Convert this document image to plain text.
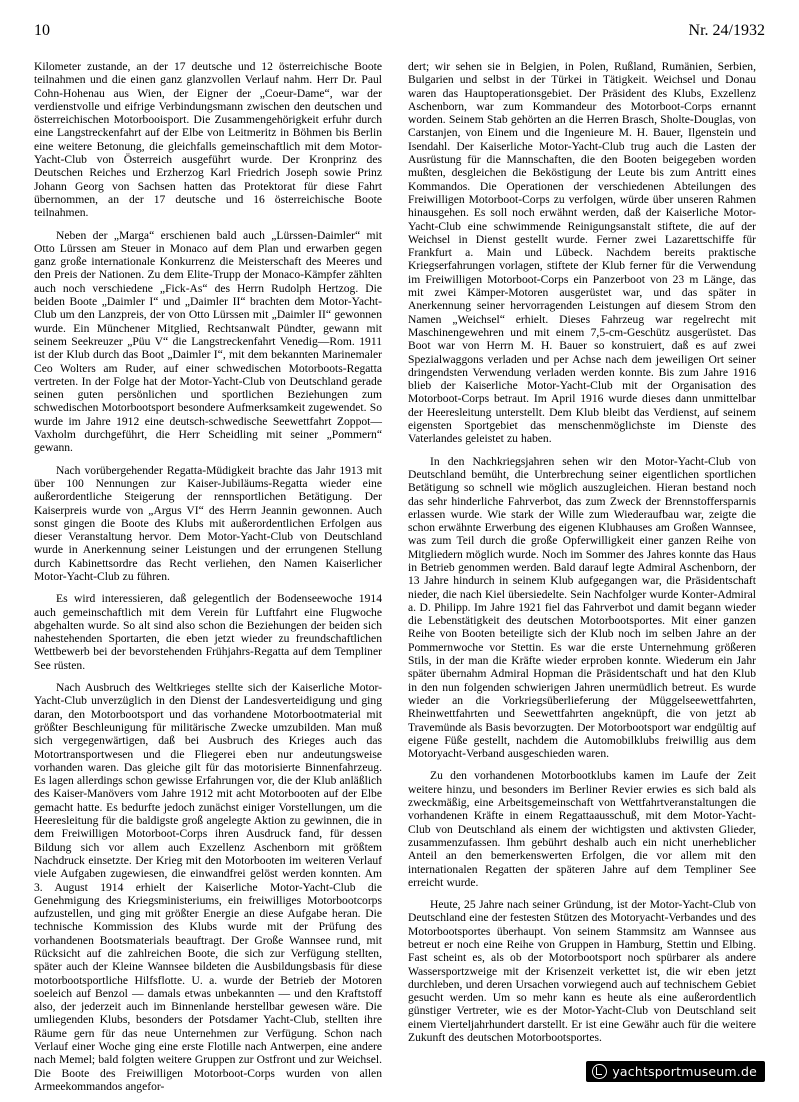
10	Nr. 24/1932

Kilometer zustande, an der 17 deutsche und 12 österreichische Boote teilnahmen und die einen ganz glanzvollen Verlauf nahm. Herr Dr. Paul Cohn-Hohenau aus Wien, der Eigner der „Coeur-Dame“, war der verdienstvolle und eifrige Verbindungsmann zwischen den deutschen und österreichischen Motorbooisport. Die Zusammengehörigkeit erfuhr durch eine Langstreckenfahrt auf der Elbe von Leitmeritz in Böhmen bis Berlin eine weitere Betonung, die gleichfalls gemeinschaftlich mit dem Motor-Yacht-Club von Österreich ausgeführt wurde. Der Kronprinz des Deutschen Reiches und Erzherzog Karl Friedrich Joseph sowie Prinz Johann Georg von Sachsen hatten das Protektorat für diese Fahrt übernommen, an der 17 deutsche und 16 österreichische Boote teilnahmen.

Neben der „Marga“ erschienen bald auch „Lürssen-Daimler“ mit Otto Lürssen am Steuer in Monaco auf dem Plan und erwarben gegen ganz große internationale Konkurrenz die Meisterschaft des Meeres und den Preis der Nationen. Zu dem Elite-Trupp der Monaco-Kämpfer zählten auch noch verschiedene „Fick-As“ des Herrn Rudolph Hertzog. Die beiden Boote „Daimler I“ und „Daimler II“ brachten dem Motor-Yacht-Club um den Lanzpreis, der von Otto Lürssen mit „Daimler II“ gewonnen wurde. Ein Münchener Mitglied, Rechtsanwalt Pündter, gewann mit seinem Seekreuzer „Püu V“ die Langstreckenfahrt Venedig—Rom. 1911 ist der Klub durch das Boot „Daimler I“, mit dem bekannten Marinemaler Ceo Wolters am Ruder, auf einer schwedischen Motorboots-Regatta vertreten. In der Folge hat der Motor-Yacht-Club von Deutschland gerade seinen guten persönlichen und sportlichen Beziehungen zum schwedischen Motorbootsport besondere Aufmerksamkeit zugewendet. So wurde im Jahre 1912 eine deutsch-schwedische Seewettfahrt Zoppot—Vaxholm durchgeführt, die Herr Scheidling mit seiner „Pommern“ gewann.

Nach vorübergehender Regatta-Müdigkeit brachte das Jahr 1913 mit über 100 Nennungen zur Kaiser-Jubiläums-Regatta wieder eine außerordentliche Steigerung der rennsportlichen Betätigung. Der Kaiserpreis wurde von „Argus VI“ des Herrn Jeannin gewonnen. Auch sonst gingen die Boote des Klubs mit außerordentlichen Erfolgen aus dieser Veranstaltung hervor. Dem Motor-Yacht-Club von Deutschland wurde in Anerkennung seiner Leistungen und der errungenen Stellung durch Kabinettsordre das Recht verliehen, den Namen Kaiserlicher Motor-Yacht-Club zu führen.

Es wird interessieren, daß gelegentlich der Bodenseewoche 1914 auch gemeinschaftlich mit dem Verein für Luftfahrt eine Flugwoche abgehalten wurde. So alt sind also schon die Beziehungen der beiden sich nahestehenden Sportarten, die eben jetzt wieder zu freundschaftlichen Wettbewerb bei der bevorstehenden Frühjahrs-Regatta auf dem Templiner See rüsten.

Nach Ausbruch des Weltkrieges stellte sich der Kaiserliche Motor-Yacht-Club unverzüglich in den Dienst der Landesverteidigung und ging daran, den Motorbootsport und das vorhandene Motorbootmaterial mit größter Beschleunigung für militärische Zwecke umzubilden. Man muß sich vergegenwärtigen, daß bei Ausbruch des Krieges auch das Motortransportwesen und die Fliegerei eben nur andeutungsweise vorhanden waren. Das gleiche gilt für das motorisierte Binnenfahrzeug. Es lagen allerdings schon gewisse Erfahrungen vor, die der Klub anläßlich des Kaiser-Manövers vom Jahre 1912 mit acht Motorbooten auf der Elbe gemacht hatte. Es bedurfte jedoch zunächst einiger Vorstellungen, um die Heeresleitung für die baldigste groß angelegte Aktion zu gewinnen, die in dem Freiwilligen Motorboot-Corps ihren Ausdruck fand, für dessen Bildung sich vor allem auch Exzellenz Aschenborn mit größtem Nachdruck einsetzte. Der Krieg mit den Motorbooten im weiteren Verlauf viele Aufgaben zugewiesen, die einwandfrei gelöst werden konnten. Am 3. August 1914 erhielt der Kaiserliche Motor-Yacht-Club die Genehmigung des Kriegsministeriums, ein freiwilliges Motorbootcorps aufzustellen, und ging mit größter Energie an diese Aufgabe heran. Die technische Kommission des Klubs wurde mit der Prüfung des vorhandenen Bootsmaterials beauftragt. Der Große Wannsee rund, mit Rücksicht auf die zahlreichen Boote, die sich zur Verfügung stellten, später auch der Kleine Wannsee bildeten die Ausbildungsbasis für diese motorbootsportliche Hilfsflotte. U. a. wurde der Betrieb der Motoren soeleich auf Benzol — damals etwas unbekannten — und den Kraftstoff also, der jederzeit auch im Binnenlande herstellbar gewesen wäre. Die umliegenden Klubs, besonders der Potsdamer Yacht-Club, stellten ihre Räume gern für das neue Unternehmen zur Verfügung. Schon nach Verlauf einer Woche ging eine erste Flotille nach Antwerpen, eine andere nach Memel; bald folgten weitere Gruppen zur Ostfront und zur Weichsel. Die Boote des Freiwilligen Motorboot-Corps wurden von allen Armeekommandos angefor-

dert; wir sehen sie in Belgien, in Polen, Rußland, Rumänien, Serbien, Bulgarien und selbst in der Türkei in Tätigkeit. Weichsel und Donau waren das Hauptoperationsgebiet. Der Präsident des Klubs, Exzellenz Aschenborn, war zum Kommandeur des Motorboot-Corps ernannt worden. Seinem Stab gehörten an die Herren Brasch, Sholte-Douglas, von Carstanjen, von Einem und die Ingenieure M. H. Bauer, Ilgenstein und Isendahl. Der Kaiserliche Motor-Yacht-Club trug auch die Lasten der Ausrüstung für die Mannschaften, die den Booten beigegeben worden mußten, desgleichen die Beköstigung der Leute bis zum Antritt eines Kommandos. Die Operationen der verschiedenen Abteilungen des Freiwilligen Motorboot-Corps zu verfolgen, würde über unseren Rahmen hinausgehen. Es soll noch erwähnt werden, daß der Kaiserliche Motor-Yacht-Club eine schwimmende Reinigungsanstalt stiftete, die auf der Weichsel in Dienst gestellt wurde. Ferner zwei Lazarettschiffe für Frankfurt a. Main und Lübeck. Nachdem bereits praktische Kriegserfahrungen vorlagen, stiftete der Klub ferner für die Verwendung im Freiwilligen Motorboot-Corps ein Panzerboot von 23 m Länge, das mit zwei Kämper-Motoren ausgerüstet war, und das später in Anerkennung seiner hervorragenden Leistungen auf diesem Strom den Namen „Weichsel“ erhielt. Dieses Fahrzeug war regelrecht mit Maschinengewehren und mit einem 7,5-cm-Geschütz ausgerüstet. Das Boot war von Herrn M. H. Bauer so konstruiert, daß es auf zwei Spezialwaggons verladen und per Achse nach dem jeweiligen Ort seiner dringendsten Verwendung verladen werden konnte. Bis zum Jahre 1916 blieb der Kaiserliche Motor-Yacht-Club mit der Organisation des Motorboot-Corps betraut. Im April 1916 wurde dieses dann unmittelbar der Heeresleitung unterstellt. Dem Klub bleibt das Verdienst, auf seinem eigensten Sportgebiet das menschenmöglichste im Dienste des Vaterlandes geleistet zu haben.

In den Nachkriegsjahren sehen wir den Motor-Yacht-Club von Deutschland bemüht, die Unterbrechung seiner eigentlichen sportlichen Betätigung so schnell wie möglich auszugleichen. Hieran bestand noch das sehr hinderliche Fahrverbot, das zum Zweck der Brennstoffersparnis erlassen wurde. Wie stark der Wille zum Wiederaufbau war, zeigte die schon erwähnte Erwerbung des eigenen Klubhauses am Großen Wannsee, was zum Teil durch die große Opferwilligkeit einer ganzen Reihe von Mitgliedern möglich wurde. Noch im Sommer des Jahres konnte das Haus in Betrieb genommen werden. Bald darauf legte Admiral Aschenborn, der 13 Jahre hindurch in seinem Klub aufgegangen war, die Präsidentschaft nieder, die nach Kiel übersiedelte. Sein Nachfolger wurde Konter-Admiral a. D. Philipp. Im Jahre 1921 fiel das Fahrverbot und damit begann wieder die Lebenstätigkeit des deutschen Motorbootsportes. Mit einer ganzen Reihe von Booten beteiligte sich der Klub noch im selben Jahre an der Pommernwoche vor Stettin. Es war die erste Unternehmung größeren Stils, in der man die Kräfte wieder erproben konnte. Wiederum ein Jahr später übernahm Admiral Hopman die Präsidentschaft und hat den Klub in den nun folgenden schwierigen Jahren unermüdlich betreut. Es wurde wieder an die Vorkriegsüberlieferung der Müggelseewettfahrten, Rheinwettfahrten und Seewettfahrten angeknüpft, die von jetzt ab Travemünde als Basis bevorzugten. Der Motorbootsport war endgültig auf eigene Füße gestellt, nachdem die Automobilklubs freiwillig aus dem Motoryacht-Verband ausgeschieden waren.

Zu den vorhandenen Motorbootklubs kamen im Laufe der Zeit weitere hinzu, und besonders im Berliner Revier erwies es sich bald als zweckmäßig, eine Arbeitsgemeinschaft von Wettfahrtveranstaltungen die vorhandenen Kräfte in einem Regattaausschuß, mit dem Motor-Yacht-Club von Deutschland als einem der wichtigsten und aktivsten Glieder, zusammenzufassen. Ihm gebührt deshalb auch ein nicht unerheblicher Anteil an den bemerkenswerten Erfolgen, die vor allem mit den internationalen Regatten der späteren Jahre auf dem Templiner See erreicht wurde.

Heute, 25 Jahre nach seiner Gründung, ist der Motor-Yacht-Club von Deutschland eine der festesten Stützen des Motoryacht-Verbandes und des Motorbootsportes überhaupt. Von seinem Stammsitz am Wannsee aus betreut er noch eine Reihe von Gruppen in Hamburg, Stettin und Elbing. Fast scheint es, als ob der Motorbootsport noch spürbarer als andere Wassersportzweige mit der Krisenzeit verkettet ist, die wir eben jetzt durchleben, und deren Ursachen vorwiegend auch auf technischem Gebiet gesucht werden. Um so mehr kann es heute als eine außerordentlich günstiger Vertreter, wie es der Motor-Yacht-Club von Deutschland seit einem Vierteljahrhundert darstellt. Er ist eine Gewähr auch für die weitere Zukunft des deutschen Motorbootsportes.

yachtsportmuseum.de
